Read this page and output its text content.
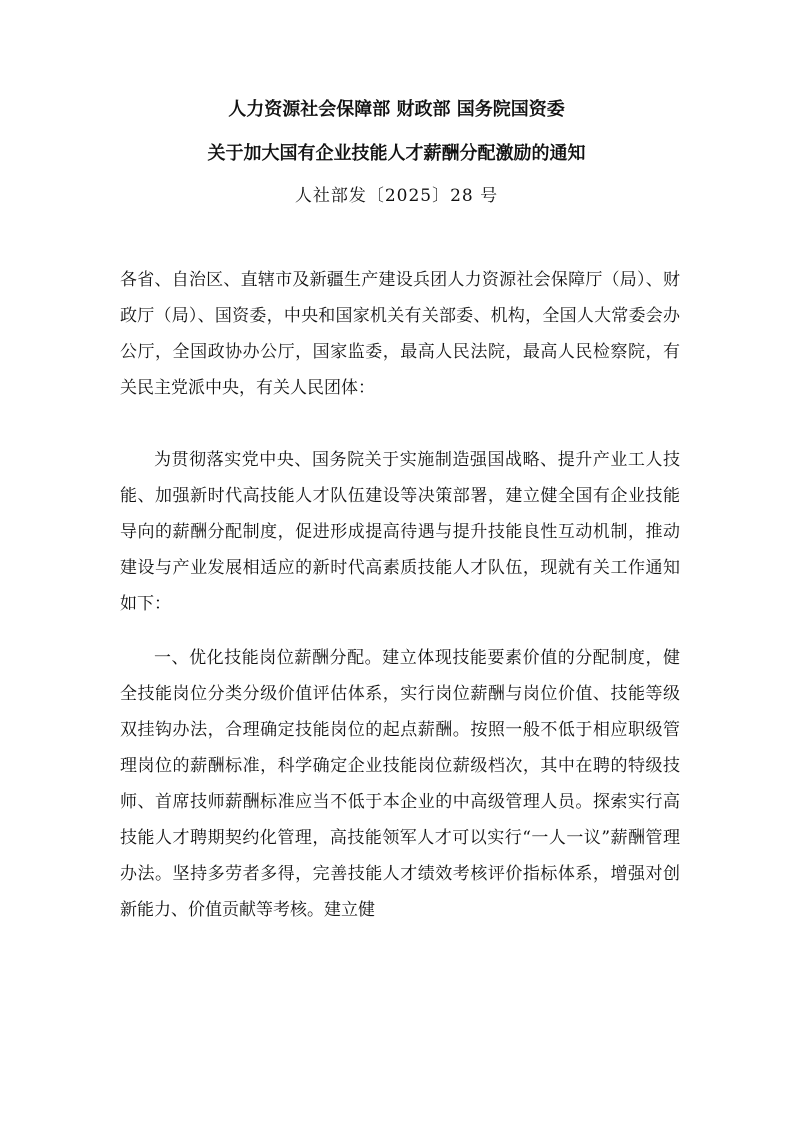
人力资源社会保障部 财政部 国务院国资委
关于加大国有企业技能人才薪酬分配激励的通知
人社部发〔2025〕28 号

各省、自治区、直辖市及新疆生产建设兵团人力资源社会保障厅（局）、财政厅（局）、国资委，中央和国家机关有关部委、机构，全国人大常委会办公厅，全国政协办公厅，国家监委，最高人民法院，最高人民检察院，有关民主党派中央，有关人民团体：

为贯彻落实党中央、国务院关于实施制造强国战略、提升产业工人技能、加强新时代高技能人才队伍建设等决策部署，建立健全国有企业技能导向的薪酬分配制度，促进形成提高待遇与提升技能良性互动机制，推动建设与产业发展相适应的新时代高素质技能人才队伍，现就有关工作通知如下：

一、优化技能岗位薪酬分配。建立体现技能要素价值的分配制度，健全技能岗位分类分级价值评估体系，实行岗位薪酬与岗位价值、技能等级双挂钩办法，合理确定技能岗位的起点薪酬。按照一般不低于相应职级管理岗位的薪酬标准，科学确定企业技能岗位薪级档次，其中在聘的特级技师、首席技师薪酬标准应当不低于本企业的中高级管理人员。探索实行高技能人才聘期契约化管理，高技能领军人才可以实行“一人一议”薪酬管理办法。坚持多劳者多得，完善技能人才绩效考核评价指标体系，增强对创新能力、价值贡献等考核。建立健
